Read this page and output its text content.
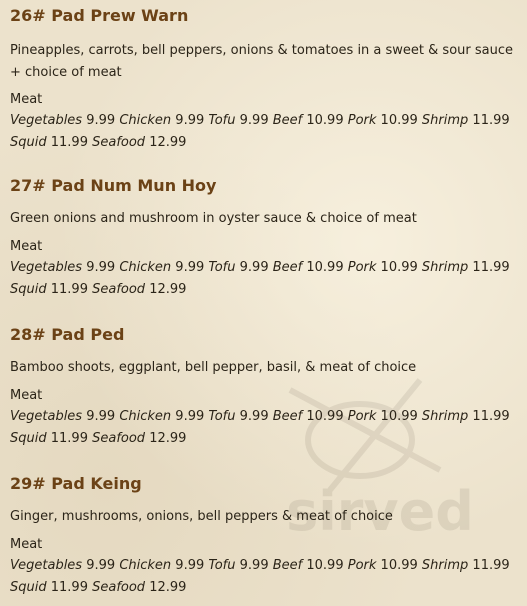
sirved
26# Pad Prew Warn

Pineapples, carrots, bell peppers, onions & tomatoes in a sweet & sour sauce + choice of meat

Meat

Vegetables 9.99 Chicken 9.99 Tofu 9.99 Beef 10.99 Pork 10.99 Shrimp 11.99 Squid 11.99 Seafood 12.99

27# Pad Num Mun Hoy

Green onions and mushroom in oyster sauce & choice of meat

Meat

Vegetables 9.99 Chicken 9.99 Tofu 9.99 Beef 10.99 Pork 10.99 Shrimp 11.99 Squid 11.99 Seafood 12.99

28# Pad Ped

Bamboo shoots, eggplant, bell pepper, basil, & meat of choice

Meat

Vegetables 9.99 Chicken 9.99 Tofu 9.99 Beef 10.99 Pork 10.99 Shrimp 11.99 Squid 11.99 Seafood 12.99

29# Pad Keing

Ginger, mushrooms, onions, bell peppers & meat of choice

Meat

Vegetables 9.99 Chicken 9.99 Tofu 9.99 Beef 10.99 Pork 10.99 Shrimp 11.99 Squid 11.99 Seafood 12.99
